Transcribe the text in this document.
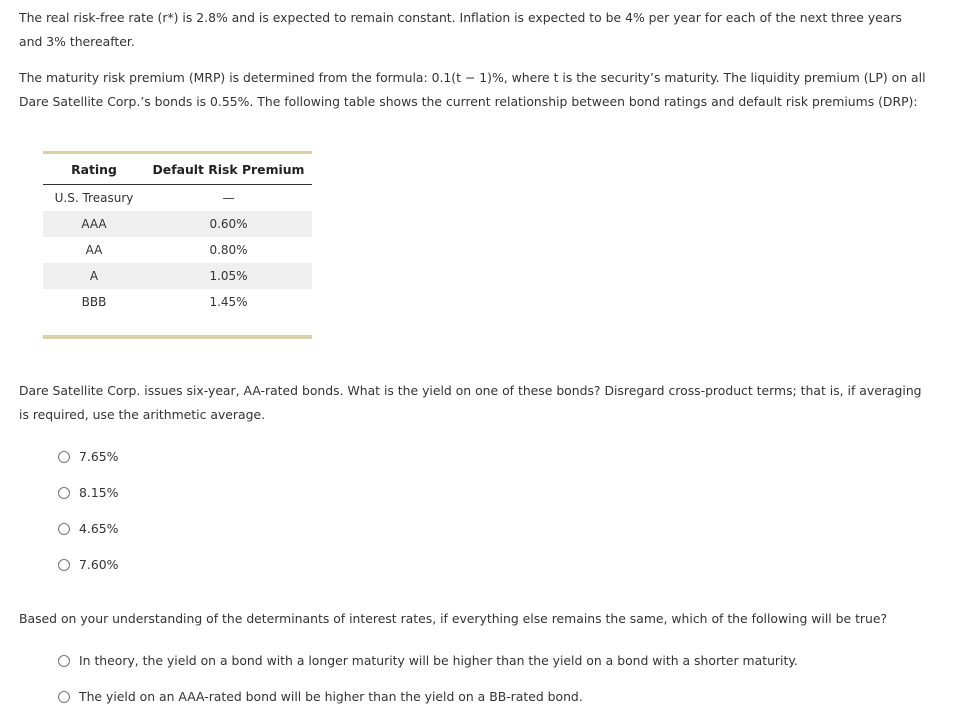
The real risk-free rate (r*) is 2.8% and is expected to remain constant. Inflation is expected to be 4% per year for each of the next three years and 3% thereafter.

The maturity risk premium (MRP) is determined from the formula: 0.1(t − 1)%, where t is the security’s maturity. The liquidity premium (LP) on all Dare Satellite Corp.’s bonds is 0.55%. The following table shows the current relationship between bond ratings and default risk premiums (DRP):

Rating	Default Risk Premium
U.S. Treasury	—
AAA	0.60%
AA	0.80%
A	1.05%
BBB	1.45%

Dare Satellite Corp. issues six-year, AA-rated bonds. What is the yield on one of these bonds? Disregard cross-product terms; that is, if averaging is required, use the arithmetic average.

7.65%
8.15%
4.65%
7.60%

Based on your understanding of the determinants of interest rates, if everything else remains the same, which of the following will be true?

In theory, the yield on a bond with a longer maturity will be higher than the yield on a bond with a shorter maturity.
The yield on an AAA-rated bond will be higher than the yield on a BB-rated bond.
